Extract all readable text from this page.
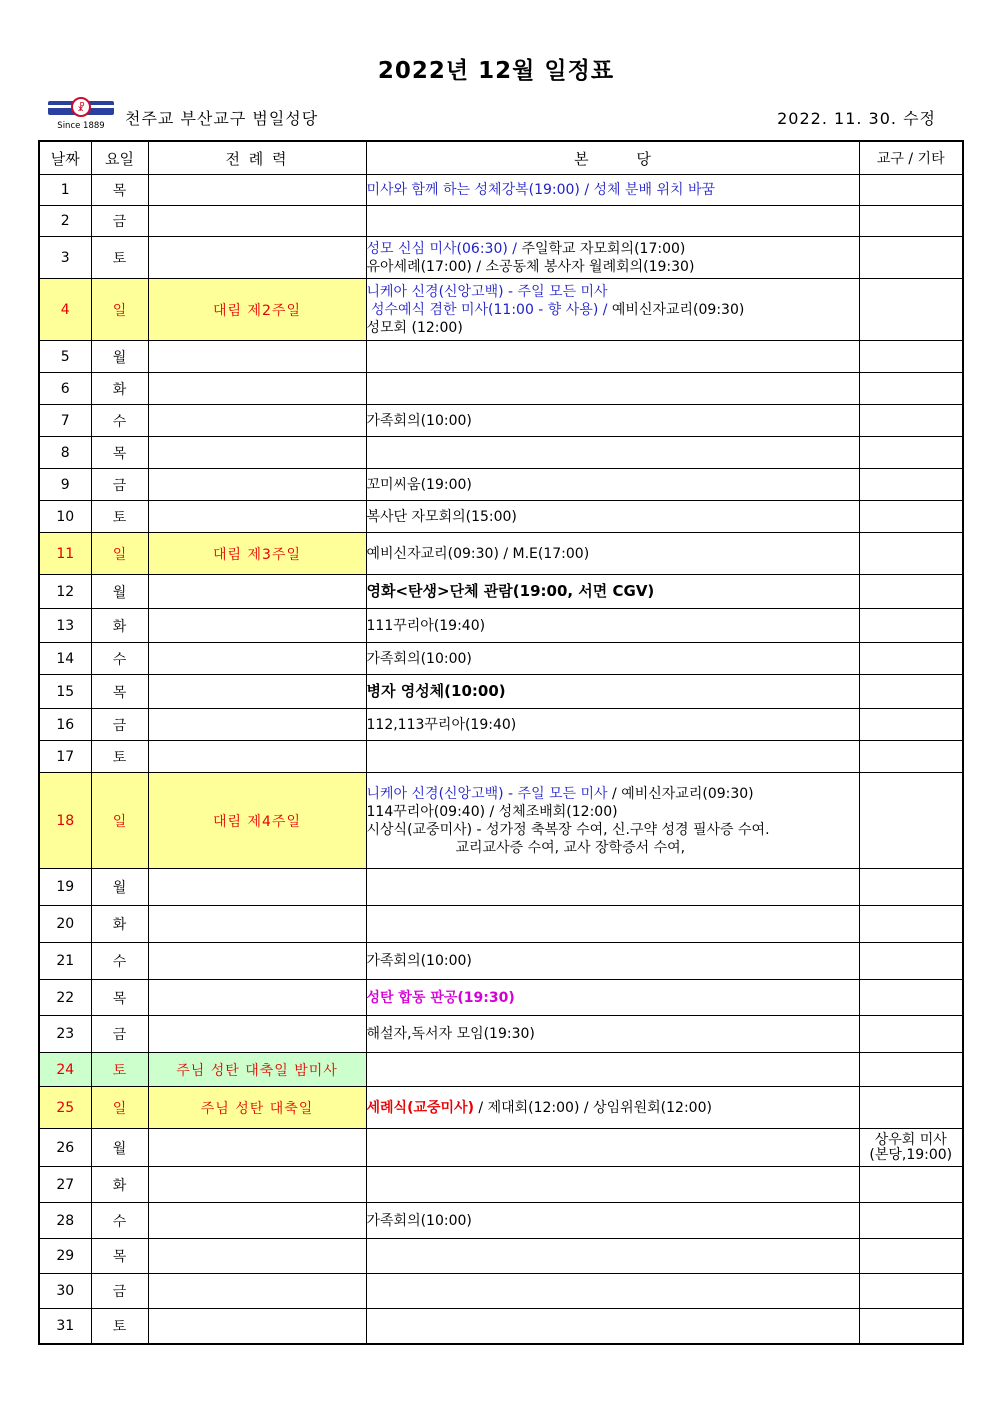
2022년 12월 일정표
☧
Since 1889 천주교 부산교구 범일성당	2022. 11. 30. 수정
날짜	요일	전 례 력	본          당	교구 / 기타
1	목		미사와 함께 하는 성체강복(19:00) / 성체 분배 위치 바꿈	

2	금			
3	토		성모 신심 미사(06:30) / 주일학교 자모회의(17:00)
유아세례(17:00) / 소공동체 봉사자 월례회의(19:30)	

4	일	대림 제2주일	니케아 신경(신앙고백) - 주일 모든 미사
성수예식 겸한 미사(11:00 - 향 사용) / 예비신자교리(09:30)
성모회 (12:00)	

5	월			
6	화			
7	수		가족회의(10:00)	

8	목			
9	금		꼬미씨움(19:00)	

10	토		복사단 자모회의(15:00)	

11	일	대림 제3주일	예비신자교리(09:30) / M.E(17:00)	

12	월		영화<탄생>단체 관람(19:00, 서면 CGV)	

13	화		111꾸리아(19:40)	

14	수		가족회의(10:00)	

15	목		병자 영성체(10:00)	

16	금		112,113꾸리아(19:40)	

17	토			
18	일	대림 제4주일	니케아 신경(신앙고백) - 주일 모든 미사 / 예비신자교리(09:30)
114꾸리아(09:40) / 성체조배회(12:00)
시상식(교중미사) - 성가정 축복장 수여, 신.구약 성경 필사증 수여.
교리교사증 수여, 교사 장학증서 수여,	

19	월			
20	화			
21	수		가족회의(10:00)	

22	목		성탄 합동 판공(19:30)	

23	금		해설자,독서자 모임(19:30)	

24	토	주님 성탄 대축일 밤미사		
25	일	주님 성탄 대축일	세례식(교중미사) / 제대회(12:00) / 상임위원회(12:00)	

26	월			상우회 미사
(본당,19:00)

27	화			
28	수		가족회의(10:00)	

29	목			
30	금			
31	토			
